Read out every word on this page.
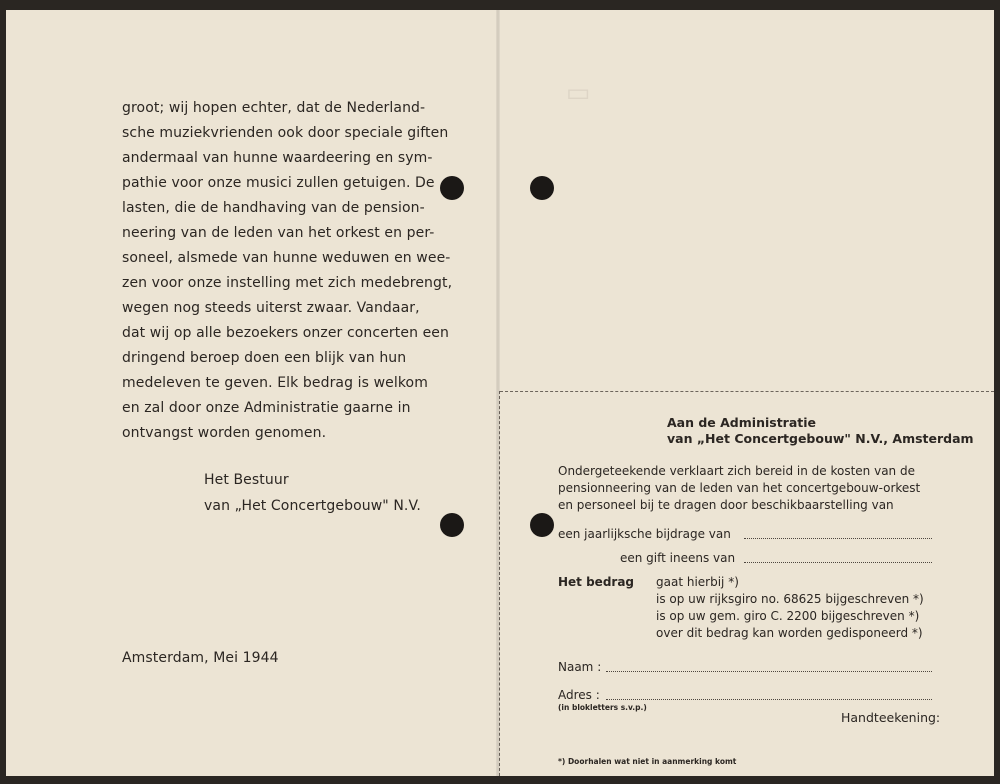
▭
groot; wij hopen echter, dat de Nederland-
sche muziekvrienden ook door speciale giften
andermaal van hunne waardeering en sym-
pathie voor onze musici zullen getuigen. De
lasten, die de handhaving van de pension-
neering van de leden van het orkest en per-
soneel, alsmede van hunne weduwen en wee-
zen voor onze instelling met zich medebrengt,
wegen nog steeds uiterst zwaar. Vandaar,
dat wij op alle bezoekers onzer concerten een
dringend beroep doen een blijk van hun
medeleven te geven. Elk bedrag is welkom
en zal door onze Administratie gaarne in
ontvangst worden genomen.
Het Bestuur
van „Het Concertgebouw" N.V.
Amsterdam, Mei 1944
Aan de Administratie
van „Het Concertgebouw" N.V., Amsterdam
Ondergeteekende verklaart zich bereid in de kosten van de
pensionneering van de leden van het concertgebouw-orkest
en personeel bij te dragen door beschikbaarstelling van
een jaarlijksche bijdrage van
een gift ineens van
Het bedrag gaat hierbij *)
is op uw rijksgiro no. 68625 bijgeschreven *)
is op uw gem. giro C. 2200 bijgeschreven *)
over dit bedrag kan worden gedisponeerd *)
Naam :
Adres :
(in blokletters s.v.p.)
Handteekening:
*) Doorhalen wat niet in aanmerking komt
